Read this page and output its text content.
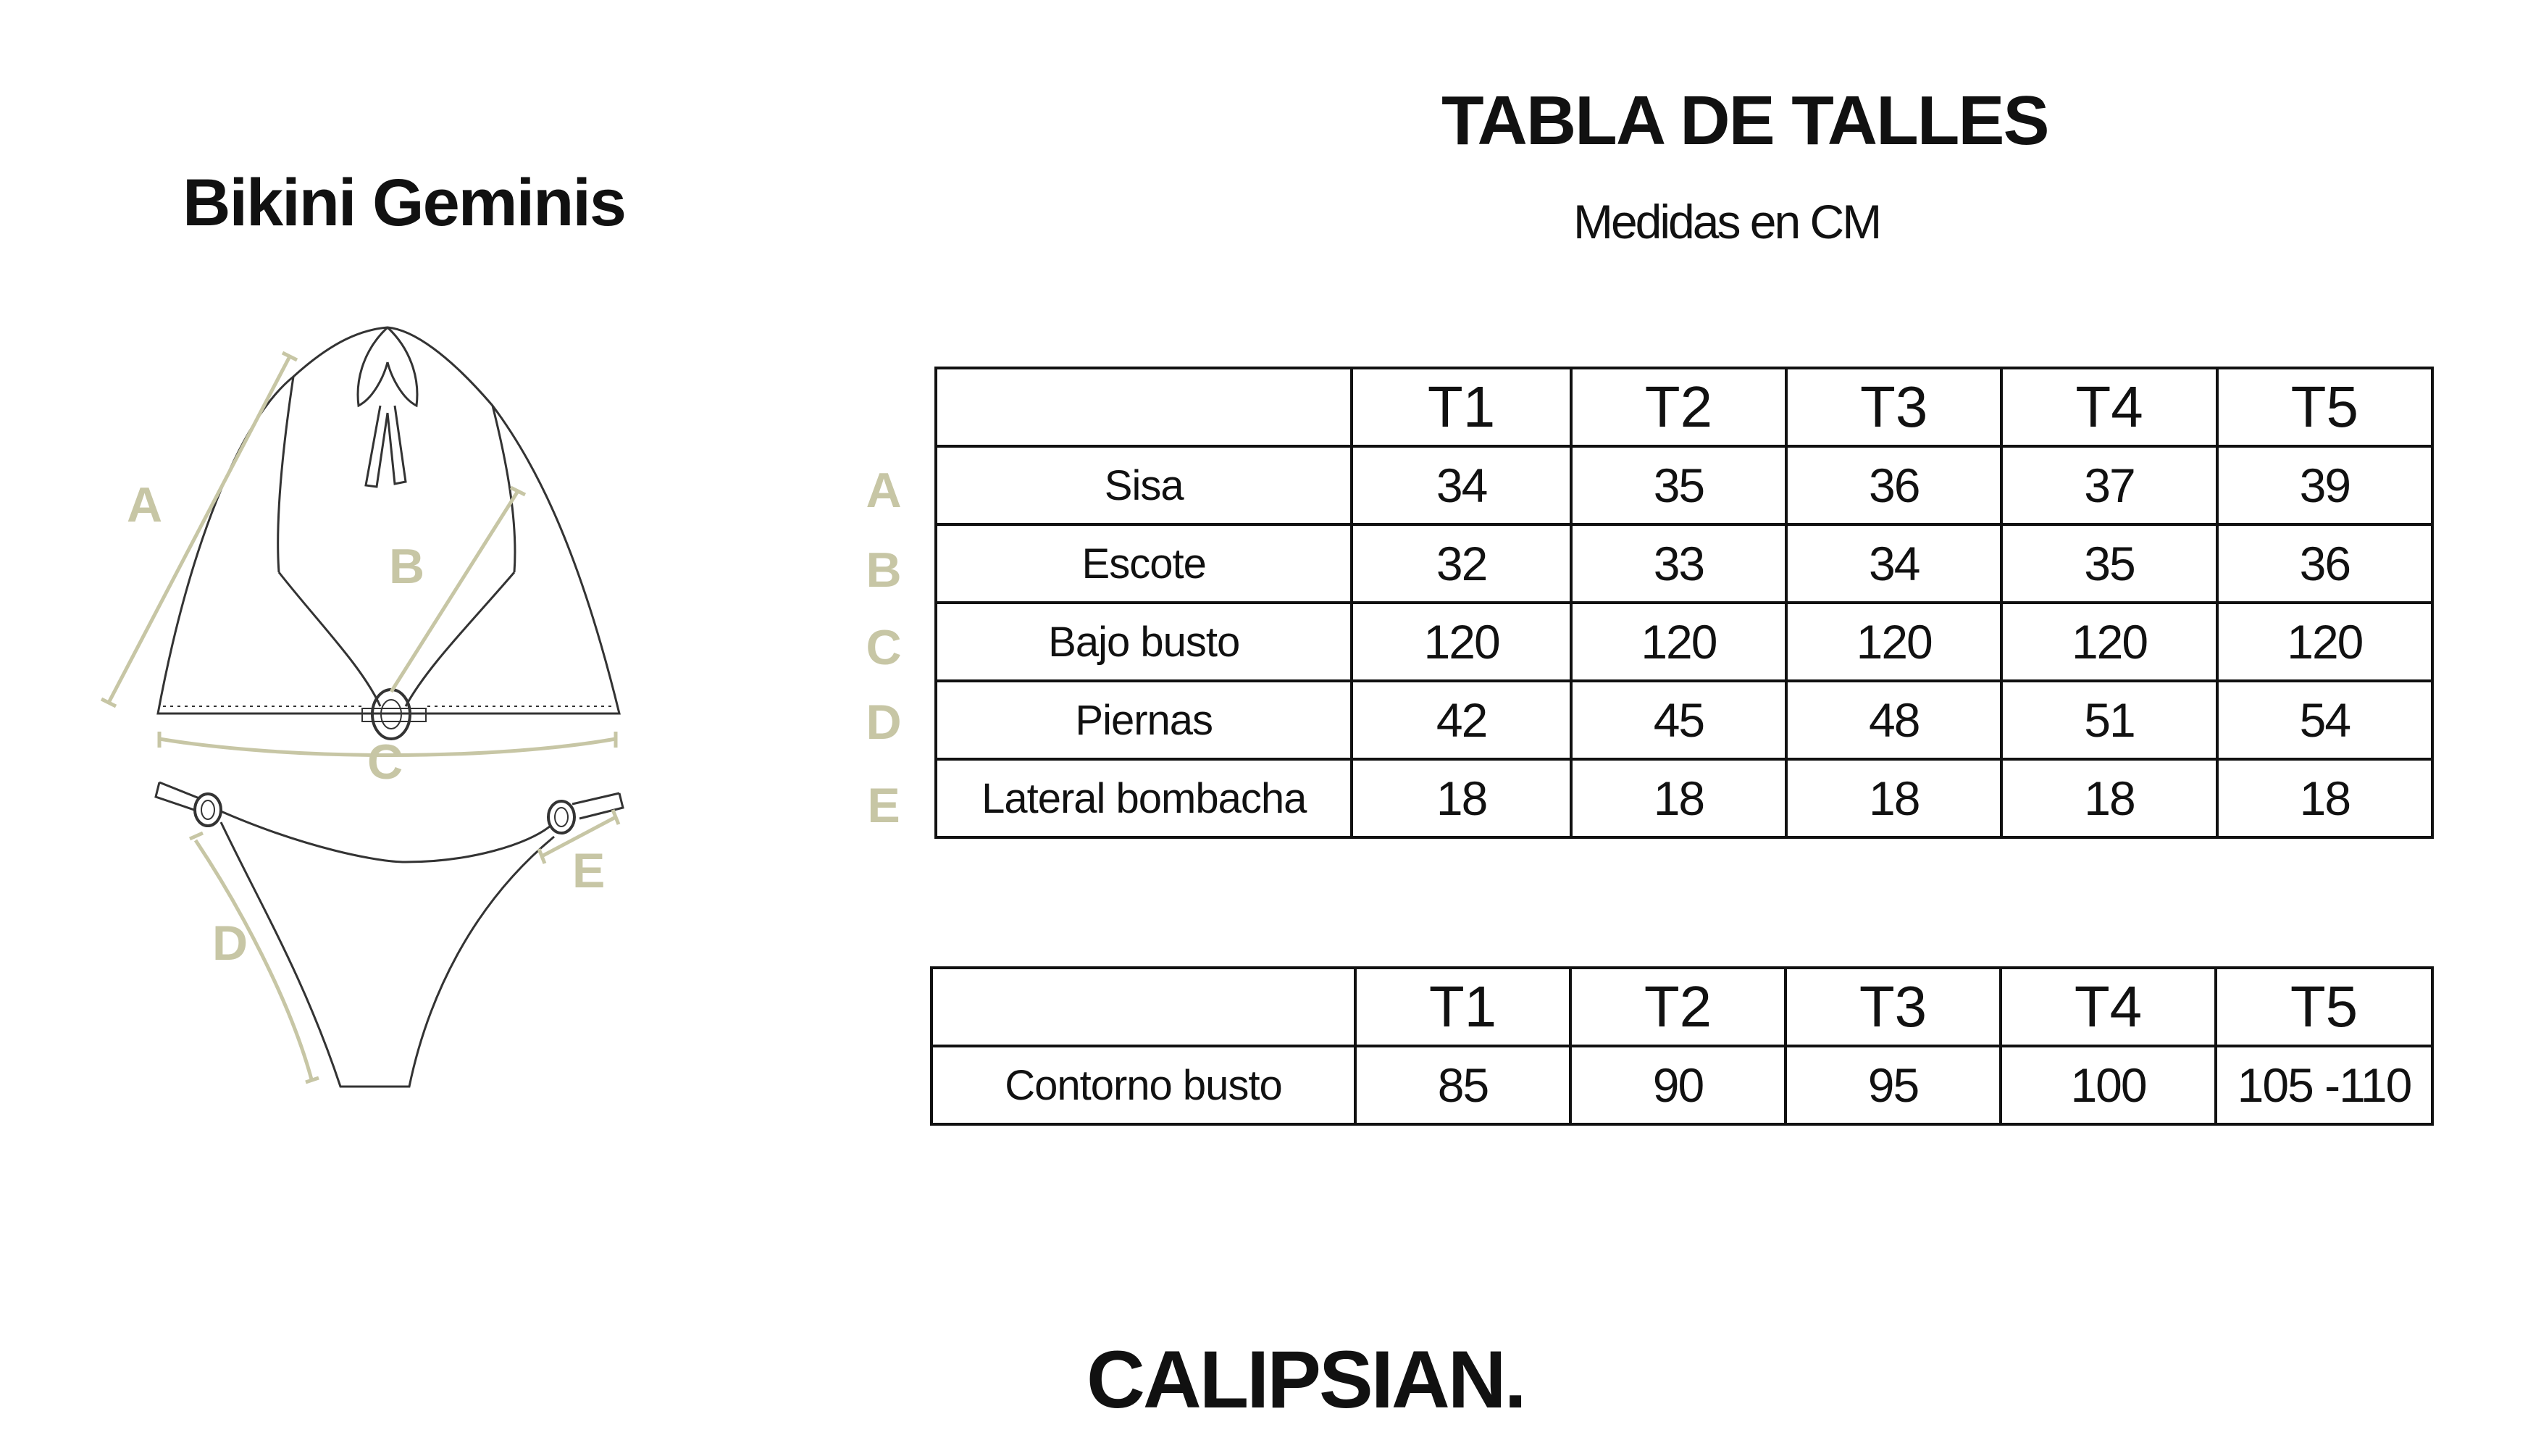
Bikini Geminis
TABLA DE TALLES
Medidas en CM
A
B
C
D
E
A
B
C
D
E
	T1	T2	T3	T4	T5
Sisa	34	35	36	37	39
Escote	32	33	34	35	36
Bajo busto	120	120	120	120	120
Piernas	42	45	48	51	54
Lateral bombacha	18	18	18	18	18
	T1	T2	T3	T4	T5
Contorno busto	85	90	95	100	105 -110
CALIPSIAN.
